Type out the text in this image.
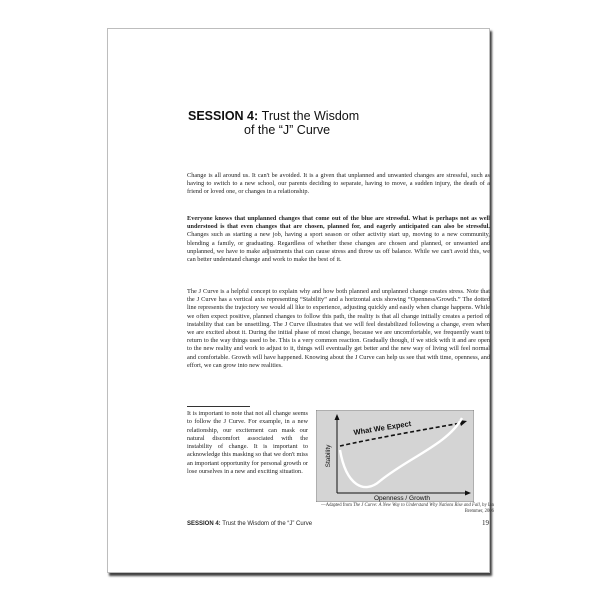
SESSION 4: Trust the Wisdom
of the “J” Curve

Change is all around us. It can't be avoided. It is a given that unplanned and unwanted changes are stressful, such as having to switch to a new school, our parents deciding to separate, having to move, a sudden injury, the death of a friend or loved one, or changes in a relationship.

Everyone knows that unplanned changes that come out of the blue are stressful. What is perhaps not as well understood is that even changes that are chosen, planned for, and eagerly anticipated can also be stressful. Changes such as starting a new job, having a sport season or other activity start up, moving to a new community, blending a family, or graduating. Regardless of whether these changes are chosen and planned, or unwanted and unplanned, we have to make adjustments that can cause stress and throw us off balance. While we can't avoid this, we can better understand change and work to make the best of it.

The J Curve is a helpful concept to explain why and how both planned and unplanned change creates stress. Note that the J Curve has a vertical axis representing “Stability” and a horizontal axis showing “Openness/Growth.” The dotted line represents the trajectory we would all like to experience, adjusting quickly and easily when change happens. While we often expect positive, planned changes to follow this path, the reality is that all change initially creates a period of instability that can be unsettling. The J Curve illustrates that we will feel destabilized following a change, even when we are excited about it. During the initial phase of most change, because we are uncomfortable, we frequently want to return to the way things used to be. This is a very common reaction. Gradually though, if we stick with it and are open to the new reality and work to adjust to it, things will eventually get better and the new way of living will feel normal and comfortable. Growth will have happened. Knowing about the J Curve can help us see that with time, openness, and effort, we can grow into new realities.

It is important to note that not all change seems to follow the J Curve. For example, in a new relationship, our excitement can mask our natural discomfort associated with the instability of change. It is important to acknowledge this masking so that we don't miss an important opportunity for personal growth or lose ourselves in a new and exciting situation.

What We Expect
Stability
Openness / Growth
—Adapted from The J Curve: A New Way to Understand Why Nations Rise and Fall, by Ian Bremmer, 2006
SESSION 4: Trust the Wisdom of the “J” Curve	19
